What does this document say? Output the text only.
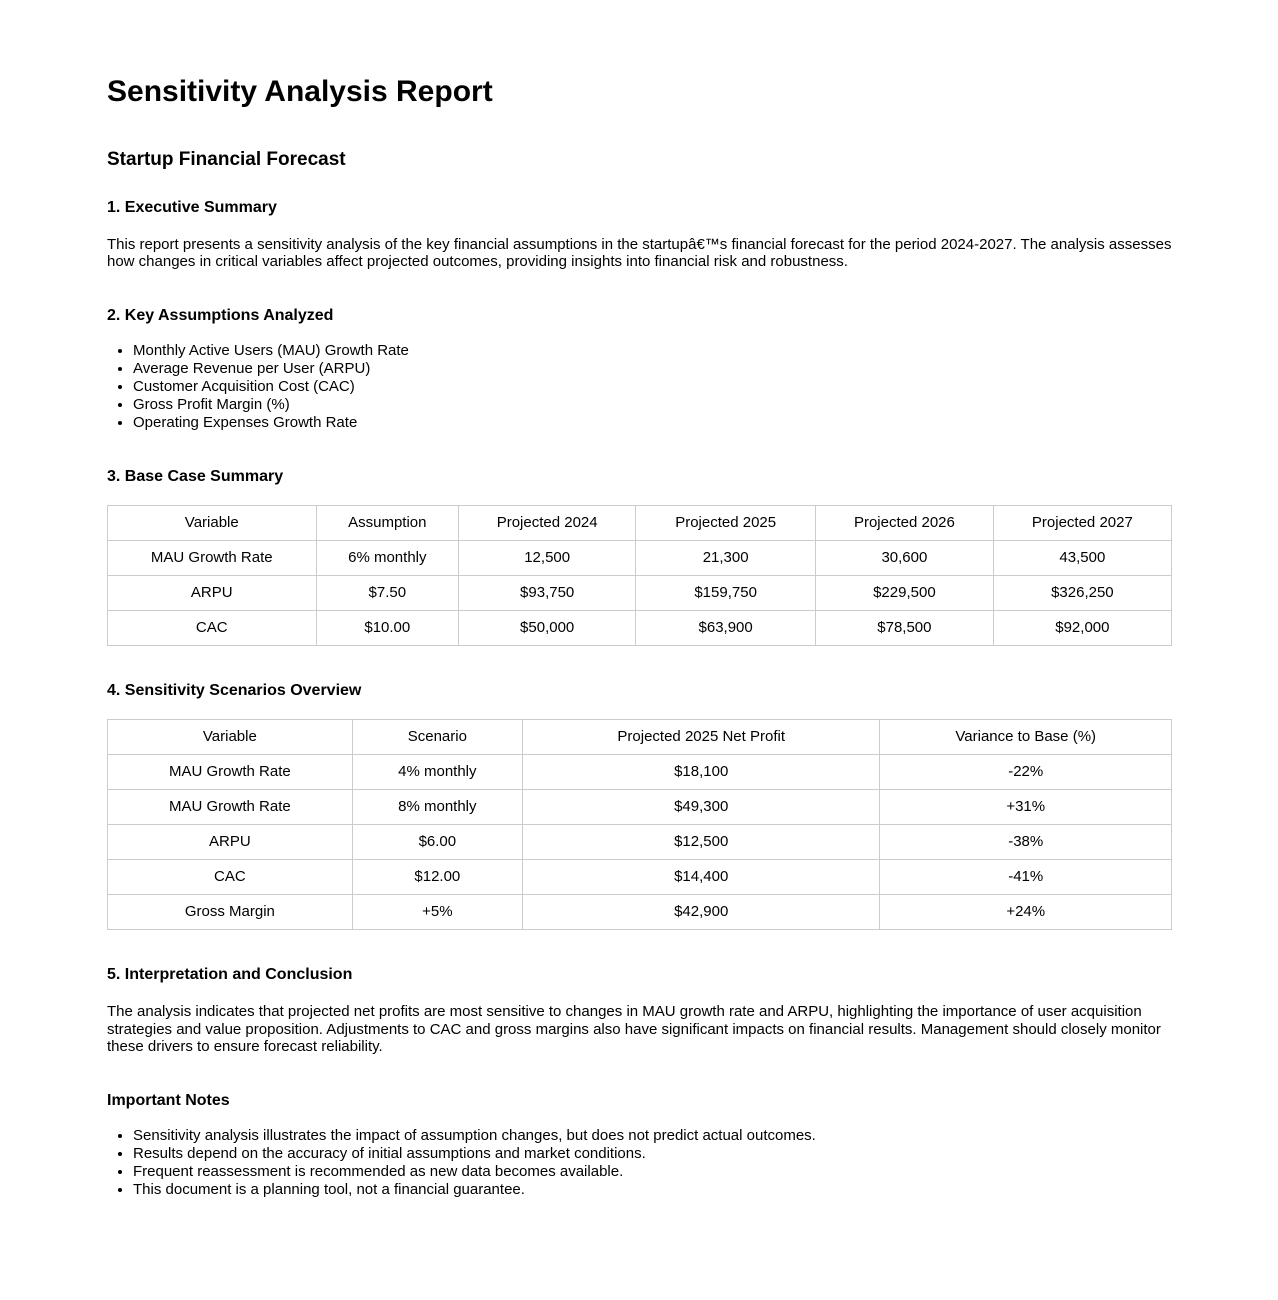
Sensitivity Analysis Report
Startup Financial Forecast
1. Executive Summary

This report presents a sensitivity analysis of the key financial assumptions in the startupâ€™s financial forecast for the period 2024-2027. The analysis assesses how changes in critical variables affect projected outcomes, providing insights into financial risk and robustness.

2. Key Assumptions Analyzed
• Monthly Active Users (MAU) Growth Rate
• Average Revenue per User (ARPU)
• Customer Acquisition Cost (CAC)
• Gross Profit Margin (%)
• Operating Expenses Growth Rate
3. Base Case Summary
Variable	Assumption	Projected 2024	Projected 2025	Projected 2026	Projected 2027
MAU Growth Rate	6% monthly	12,500	21,300	30,600	43,500
ARPU	$7.50	$93,750	$159,750	$229,500	$326,250
CAC	$10.00	$50,000	$63,900	$78,500	$92,000
4. Sensitivity Scenarios Overview
Variable	Scenario	Projected 2025 Net Profit	Variance to Base (%)
MAU Growth Rate	4% monthly	$18,100	-22%
MAU Growth Rate	8% monthly	$49,300	+31%
ARPU	$6.00	$12,500	-38%
CAC	$12.00	$14,400	-41%
Gross Margin	+5%	$42,900	+24%
5. Interpretation and Conclusion

The analysis indicates that projected net profits are most sensitive to changes in MAU growth rate and ARPU, highlighting the importance of user acquisition strategies and value proposition. Adjustments to CAC and gross margins also have significant impacts on financial results. Management should closely monitor these drivers to ensure forecast reliability.

Important Notes
• Sensitivity analysis illustrates the impact of assumption changes, but does not predict actual outcomes.
• Results depend on the accuracy of initial assumptions and market conditions.
• Frequent reassessment is recommended as new data becomes available.
• This document is a planning tool, not a financial guarantee.
